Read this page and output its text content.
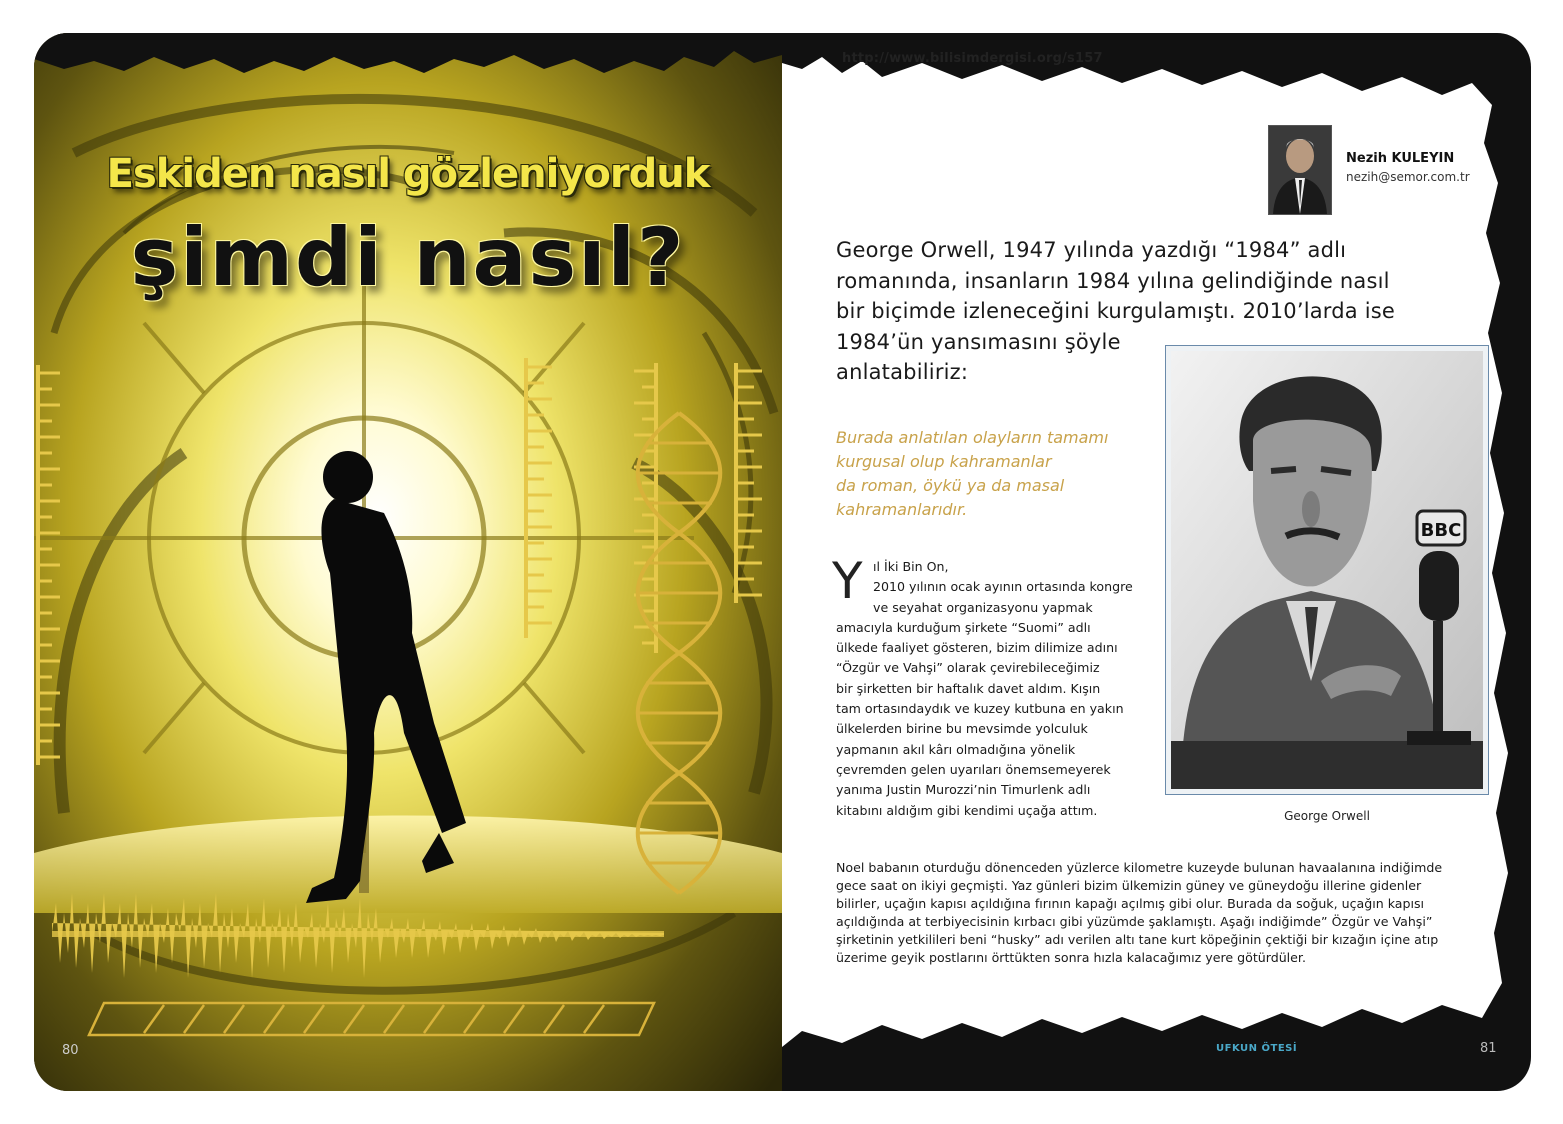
Eskiden nasıl gözleniyorduk
şimdi nasıl?
80
http://www.bilisimdergisi.org/s157
Nezih KULEYIN
nezih@semor.com.tr
George Orwell, 1947 yılında yazdığı “1984” adlı
romanında, insanların 1984 yılına gelindiğinde nasıl
bir biçimde izleneceğini kurgulamıştı. 2010’larda ise
1984’ün yansımasını şöyle
anlatabiliriz:
Burada anlatılan olayların tamamı
kurgusal olup kahramanlar
da roman, öykü ya da masal
kahramanlarıdır.
Y ıl İki Bin On,
2010 yılının ocak ayının ortasında kongre
ve seyahat organizasyonu yapmak
amacıyla kurduğum şirkete “Suomi” adlı
ülkede faaliyet gösteren, bizim dilimize adını
“Özgür ve Vahşi” olarak çevirebileceğimiz
bir şirketten bir haftalık davet aldım. Kışın
tam ortasındaydık ve kuzey kutbuna en yakın
ülkelerden birine bu mevsimde yolculuk
yapmanın akıl kârı olmadığına yönelik
çevremden gelen uyarıları önemsemeyerek
yanıma Justin Murozzi’nin Timurlenk adlı
kitabını aldığım gibi kendimi uçağa attım.
BBC
George Orwell
Noel babanın oturduğu dönenceden yüzlerce kilometre kuzeyde bulunan havaalanına indiğimde
gece saat on ikiyi geçmişti. Yaz günleri bizim ülkemizin güney ve güneydoğu illerine gidenler
bilirler, uçağın kapısı açıldığına fırının kapağı açılmış gibi olur. Burada da soğuk, uçağın kapısı
açıldığında at terbiyecisinin kırbacı gibi yüzümde şaklamıştı. Aşağı indiğimde” Özgür ve Vahşi”
şirketinin yetkilileri beni “husky” adı verilen altı tane kurt köpeğinin çektiği bir kızağın içine atıp
üzerime geyik postlarını örttükten sonra hızla kalacağımız yere götürdüler.
UFKUN ÖTESİ	81
